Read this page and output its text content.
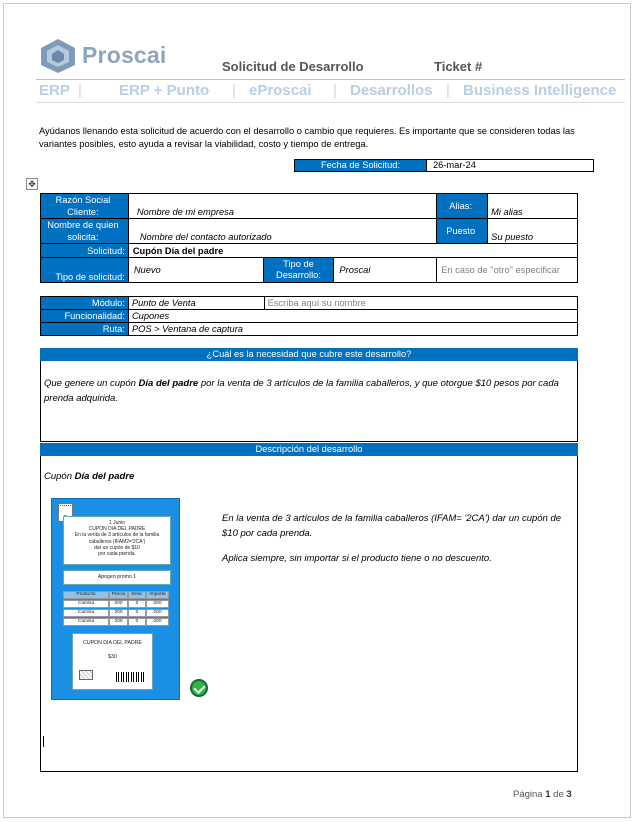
Proscai	Solicitud de Desarrollo	Ticket #
ERP | ERP + Punto | eProscai | Desarrollos | Business Intelligence
Ayúdanos llenando esta solicitud de acuerdo con el desarrollo o cambio que requieres. Es importante que se consideren todas las variantes posibles, esto ayuda a revisar la viabilidad, costo y tiempo de entrega.
Fecha de Solicitud:	26-mar-24
✥
Razón Social Cliente:	Nombre de mi empresa			Alias:	Mi alias
Nombre de quien solicita:	Nombre del contacto autorizado			Puesto	Su puesto
Solicitud:	Cupón Día del padre				
Tipo de solicitud:	Nuevo	Tipo de Desarrollo:	Proscai	En caso de "otro" especificar	
Módulo:	Punto de Venta	Escriba aquí su nombre
Funcionalidad:	Cupones	
Ruta:	POS > Ventana de captura	
¿Cuál es la necesidad que cubre este desarrollo?
Que genere un cupón Día del padre por la venta de 3 artículos de la familia caballeros, y que otorgue $10 pesos por cada prenda adquirida.
Descripción del desarrollo
Cupón Día del padre
1 Junio
CUPON DIA DEL PADRE
En la venta de 3 artículos de la familia
caballeros (IFAM2='2CA')
dar un cupón de $10
por cada prenda.
Apogen promo 1
Producto	Precio	Desc	Importe
Camisa	200	0	200
Camisa	200	0	200
Camisa	200	0	200
CUPON DIA DEL PADRE
$30

En la venta de 3 artículos de la familia caballeros (IFAM= '2CA') dar un cupón de $10 por cada prenda.

Aplica siempre, sin importar si el producto tiene o no descuento.

Página 1 de 3
